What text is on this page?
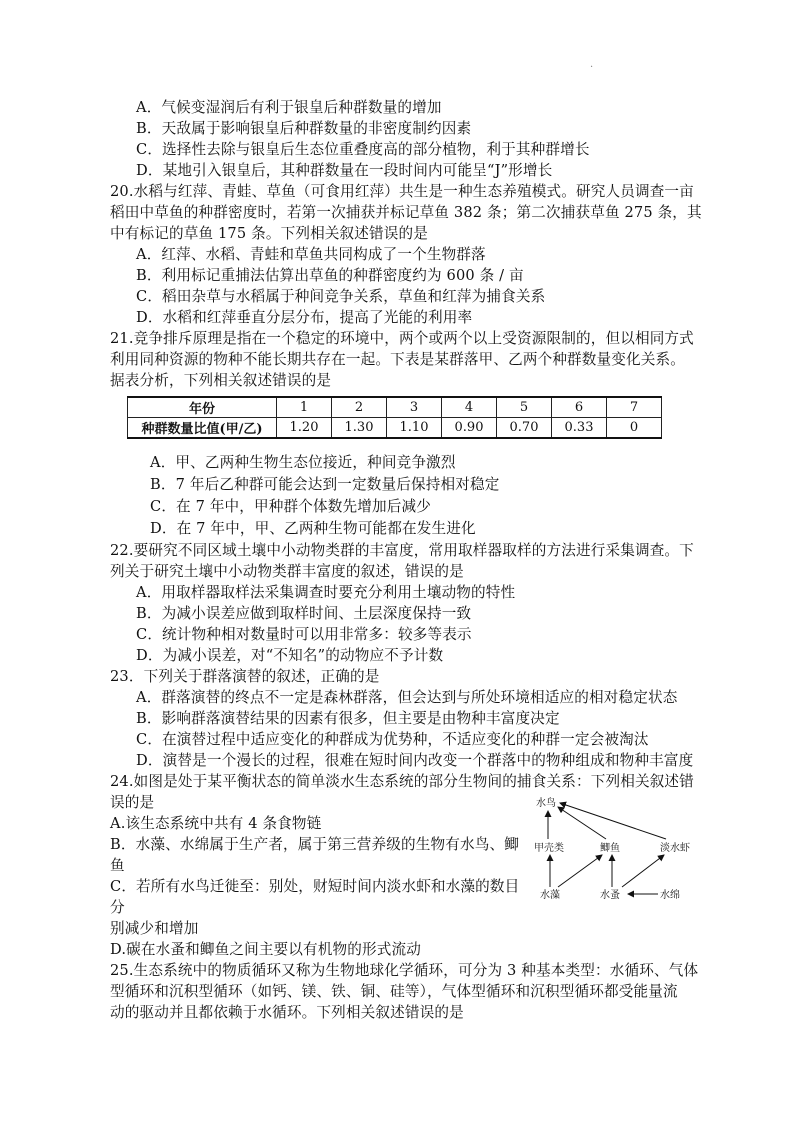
·
A．气候变湿润后有利于银皇后种群数量的增加
B．天敌属于影响银皇后种群数量的非密度制约因素
C．选择性去除与银皇后生态位重叠度高的部分植物，利于其种群增长
D．某地引入银皇后，其种群数量在一段时间内可能呈“J”形增长
20.水稻与红萍、青蛙、草鱼（可食用红萍）共生是一种生态养殖模式。研究人员调查一亩
稻田中草鱼的种群密度时，若第一次捕获并标记草鱼 382 条；第二次捕获草鱼 275 条，其
中有标记的草鱼 175 条。下列相关叙述错误的是
A．红萍、水稻、青蛙和草鱼共同构成了一个生物群落
B．利用标记重捕法估算出草鱼的种群密度约为 600 条 / 亩
C．稻田杂草与水稻属于种间竞争关系，草鱼和红萍为捕食关系
D．水稻和红萍垂直分层分布，提高了光能的利用率
21.竞争排斥原理是指在一个稳定的环境中，两个或两个以上受资源限制的，但以相同方式
利用同种资源的物种不能长期共存在一起。下表是某群落甲、乙两个种群数量变化关系。
据表分析，下列相关叙述错误的是
年份	1	2	3	4	5	6	7
种群数量比值(甲/乙)	1.20	1.30	1.10	0.90	0.70	0.33	0
A．甲、乙两种生物生态位接近，种间竞争激烈
B．7 年后乙种群可能会达到一定数量后保持相对稳定
C．在 7 年中，甲种群个体数先增加后减少
D．在 7 年中，甲、乙两种生物可能都在发生进化
22.要研究不同区域土壤中小动物类群的丰富度，常用取样器取样的方法进行采集调查。下
列关于研究土壤中小动物类群丰富度的叙述，错误的是
A．用取样器取样法采集调查时要充分利用土壤动物的特性
B．为减小误差应做到取样时间、土层深度保持一致
C．统计物种相对数量时可以用非常多：较多等表示
D．为减小误差，对“不知名”的动物应不予计数
23．下列关于群落演替的叙述，正确的是
A．群落演替的终点不一定是森林群落，但会达到与所处环境相适应的相对稳定状态
B．影响群落演替结果的因素有很多，但主要是由物种丰富度决定
C．在演替过程中适应变化的种群成为优势种，不适应变化的种群一定会被淘汰
D．演替是一个漫长的过程，很难在短时间内改变一个群落中的物种组成和物种丰富度
24.如图是处于某平衡状态的简单淡水生态系统的部分生物间的捕食关系：下列相关叙述错
误的是
A.该生态系统中共有 4 条食物链
B．水藻、水绵属于生产者，属于第三营养级的生物有水鸟、鲫
鱼
C．若所有水鸟迁徙至：别处，财短时间内淡水虾和水藻的数目
分
别减少和增加
D.碳在水蚤和鲫鱼之间主要以有机物的形式流动
水鸟
甲壳类	鲫鱼	淡水虾
水藻	水蚤	水绵
25.生态系统中的物质循环又称为生物地球化学循环，可分为 3 种基本类型：水循环、气体
型循环和沉积型循环（如钙、镁、铁、铜、硅等），气体型循环和沉积型循环都受能量流
动的驱动并且都依赖于水循环。下列相关叙述错误的是
